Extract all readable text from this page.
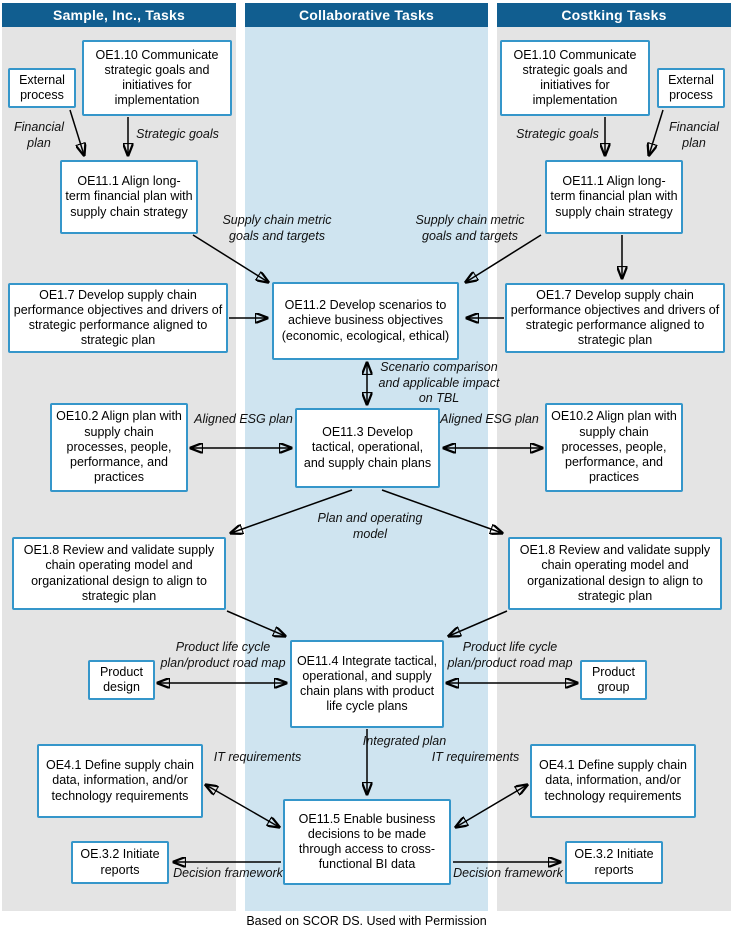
Sample, Inc., Tasks	Collaborative Tasks	Costking Tasks
External process
OE1.10 Communicate strategic goals and initiatives for implementation
OE11.1 Align long-term financial plan with supply chain strategy
OE1.7 Develop supply chain performance objectives and drivers of strategic performance aligned to strategic plan
OE10.2 Align plan with supply chain processes, people, performance, and practices
OE1.8 Review and validate supply chain operating model and organizational design to align to strategic plan
Product design
OE4.1 Define supply chain data, information, and/or technology requirements
OE.3.2 Initiate reports
OE11.2 Develop scenarios to achieve business objectives (economic, ecological, ethical)
OE11.3 Develop tactical, operational, and supply chain plans
OE11.4 Integrate tactical, operational, and supply chain plans with product life cycle plans
OE11.5 Enable business decisions to be made through access to cross-functional BI data
OE1.10 Communicate strategic goals and initiatives for implementation
External process
OE11.1 Align long-term financial plan with supply chain strategy
OE1.7 Develop supply chain performance objectives and drivers of strategic performance aligned to strategic plan
OE10.2 Align plan with supply chain processes, people, performance, and practices
OE1.8 Review and validate supply chain operating model and organizational design to align to strategic plan
Product group
OE4.1 Define supply chain data, information, and/or technology requirements
OE.3.2 Initiate reports
Financial plan
Strategic goals	Strategic goals	Financial plan
Supply chain metric goals and targets
Supply chain metric goals and targets
Scenario comparison and applicable impact on TBL
Aligned ESG plan	Aligned ESG plan
Plan and operating model
Product life cycle plan/product road map
Product life cycle plan/product road map
Integrated plan
IT requirements	IT requirements
Decision framework	Decision framework
Based on SCOR DS. Used with Permission
